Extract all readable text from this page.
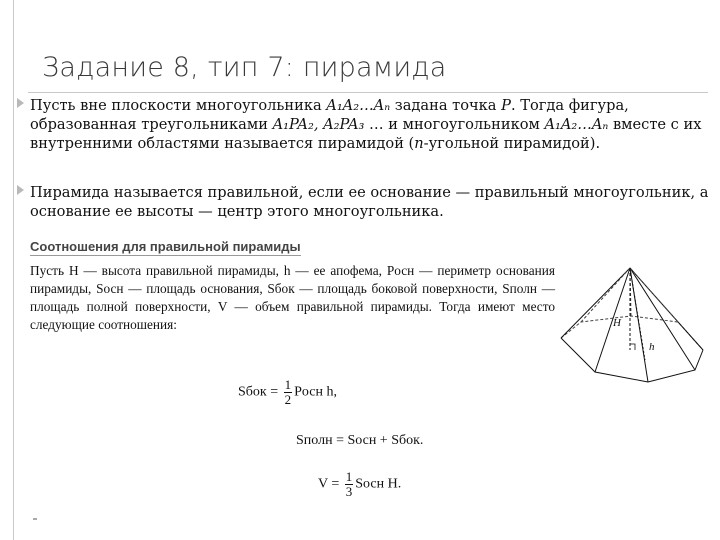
Задание 8, тип 7: пирамида

Пусть вне плоскости многоугольника A₁A₂…Aₙ задана точка P. Тогда фигура, образованная треугольниками A₁PA₂, A₂PA₃ … и многоугольником A₁A₂…Aₙ вместе с их внутренними областями называется пирамидой (n-угольной пирамидой).

Пирамида называется правильной, если ее основание — правильный многоугольник, а основание ее высоты — центр этого многоугольника.

Соотношения для правильной пирамиды
Пусть H — высота правильной пирамиды, h — ее апофема, Pосн — периметр основания пирамиды, Sосн — площадь основания, Sбок — площадь боковой поверхности, Sполн — площадь полной поверхности, V — объем правильной пирамиды. Тогда имеют место следующие соотношения:
Sбок = $\frac{1}{2}$ Pосн h,
Sполн = Sосн + Sбок.
$V = \frac{1}{3}$ Sосн H.
H
h
